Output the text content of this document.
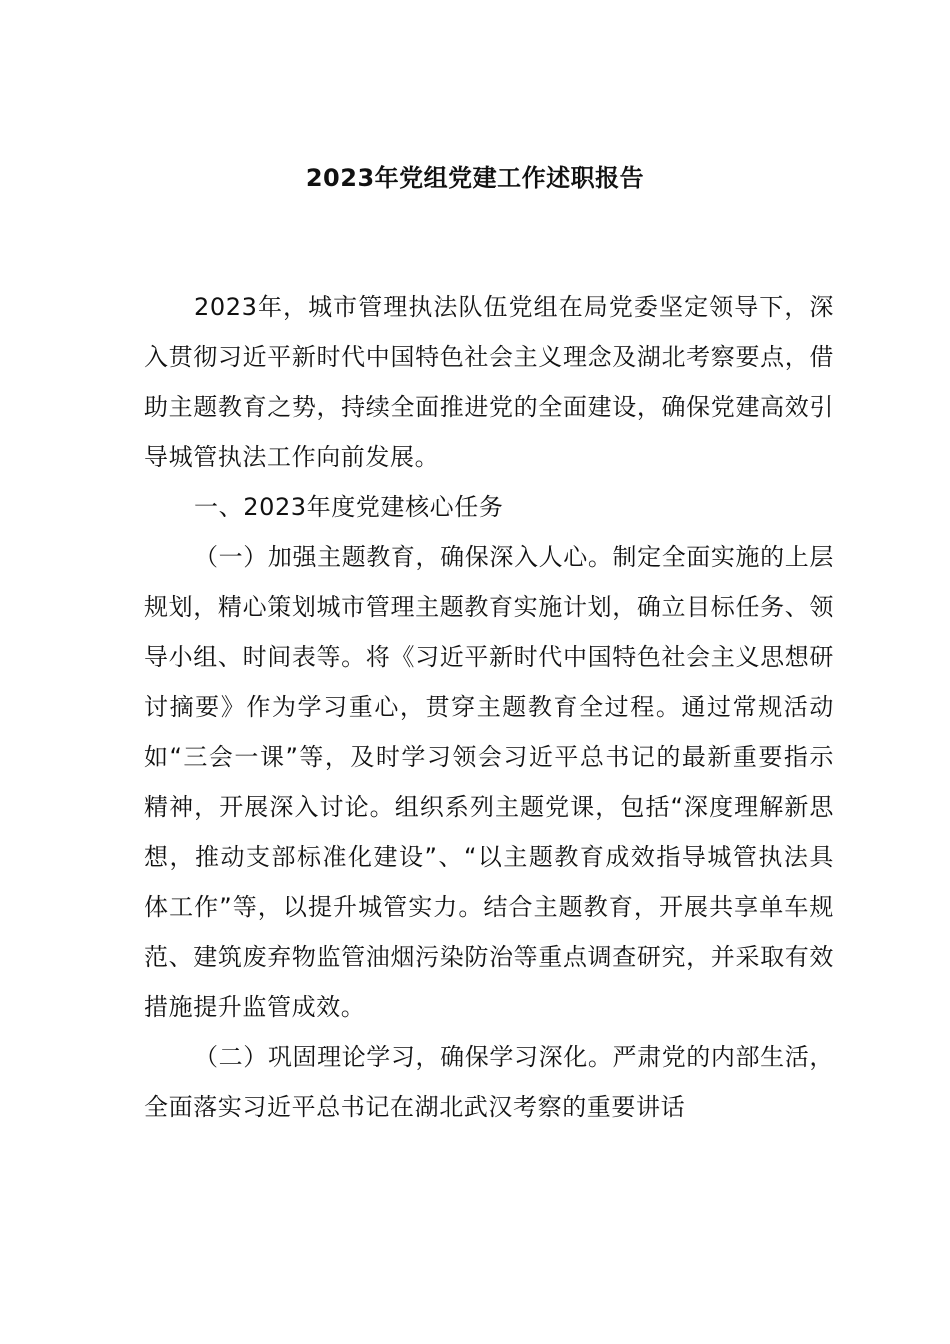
2023年党组党建工作述职报告

2023年，城市管理执法队伍党组在局党委坚定领导下，深入贯彻习近平新时代中国特色社会主义理念及湖北考察要点，借助主题教育之势，持续全面推进党的全面建设，确保党建高效引导城管执法工作向前发展。

一、2023年度党建核心任务

（一）加强主题教育，确保深入人心。制定全面实施的上层规划，精心策划城市管理主题教育实施计划，确立目标任务、领导小组、时间表等。将《习近平新时代中国特色社会主义思想研讨摘要》作为学习重心，贯穿主题教育全过程。通过常规活动如“三会一课”等，及时学习领会习近平总书记的最新重要指示精神，开展深入讨论。组织系列主题党课，包括“深度理解新思想，推动支部标准化建设”、“以主题教育成效指导城管执法具体工作”等，以提升城管实力。结合主题教育，开展共享单车规范、建筑废弃物监管油烟污染防治等重点调查研究，并采取有效措施提升监管成效。

（二）巩固理论学习，确保学习深化。严肃党的内部生活，全面落实习近平总书记在湖北武汉考察的重要讲话
